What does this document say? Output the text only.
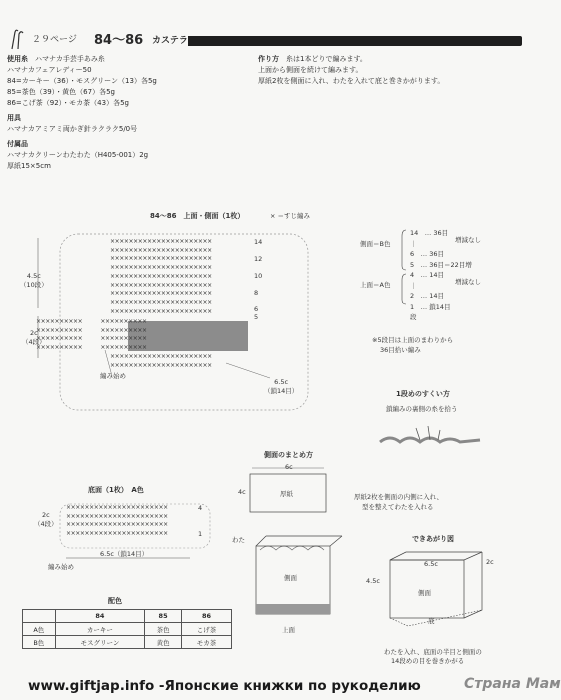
２９ページ 84〜86 カステラ
使用糸　 ハマナカ手芸手あみ糸
ハマナカフェアレディー50
84=カーキー（36）・モスグリーン（13）各5g
85=茶色（39）・黄色（67）各5g
86=こげ茶（92）・モカ茶（43）各5g
用具
ハマナカアミアミ両かぎ針ラクラク5/0号
付属品
ハマナカクリーンわたわた（H405-001）2g
厚紙15×5cm
作り方　 糸は1本どりで編みます。
上面から側面を続けて編みます。
厚紙2枚を側面に入れ、わたを入れて底と巻きかがります。
84〜86　上面・側面（1枚）	× ＝すじ編み
××××××××××××××××××××××
××××××××××××××××××××××
××××××××××××××××××××××
××××××××××××××××××××××
××××××××××××××××××××××
××××××××××××××××××××××
××××××××××××××××××××××
××××××××××××××××××××××
××××××××××××××××××××××
××××××××××            ××××××××××
××××××××××            ××××××××××
××××××××××            ××××××××××
××××××××××            ××××××××××
××××××××××××××××××××××
××××××××××××××××××××××
14
12
10
8
6
5
4.5c
（10段）
2c
（4段）
編み始め
6.5c
（鎖14目）
側面＝B色
上面＝A色
14　… 36目
｜
6　… 36目
5　… 36目＝22目増
4　… 14目
｜
2　… 14目
1　… 鎖14目
段
増減なし
増減なし
※5段目は上面のまわりから
36目拾い編み
1段めのすくい方
鎖編みの裏側の糸を拾う
側面のまとめ方
6c
4c	厚紙
わた
側面
上面
厚紙2枚を側面の内側に入れ、
型を整えてわたを入れる
底面（1枚）　A色
××××××××××××××××××××××
××××××××××××××××××××××
××××××××××××××××××××××
××××××××××××××××××××××
2c
（4段）
4
1
6.5c（鎖14目）
編み始め
配色
	84	85	86
A色	カーキー	茶色	こげ茶
B色	モスグリーン	黄色	モカ茶
できあがり図
6.5c	2c
4.5c
側面
底
わたを入れ、底面の半目と側面の
14段めの目を巻きかがる
www.giftjap.info -Японские книжки по рукоделию	Страна Мам
